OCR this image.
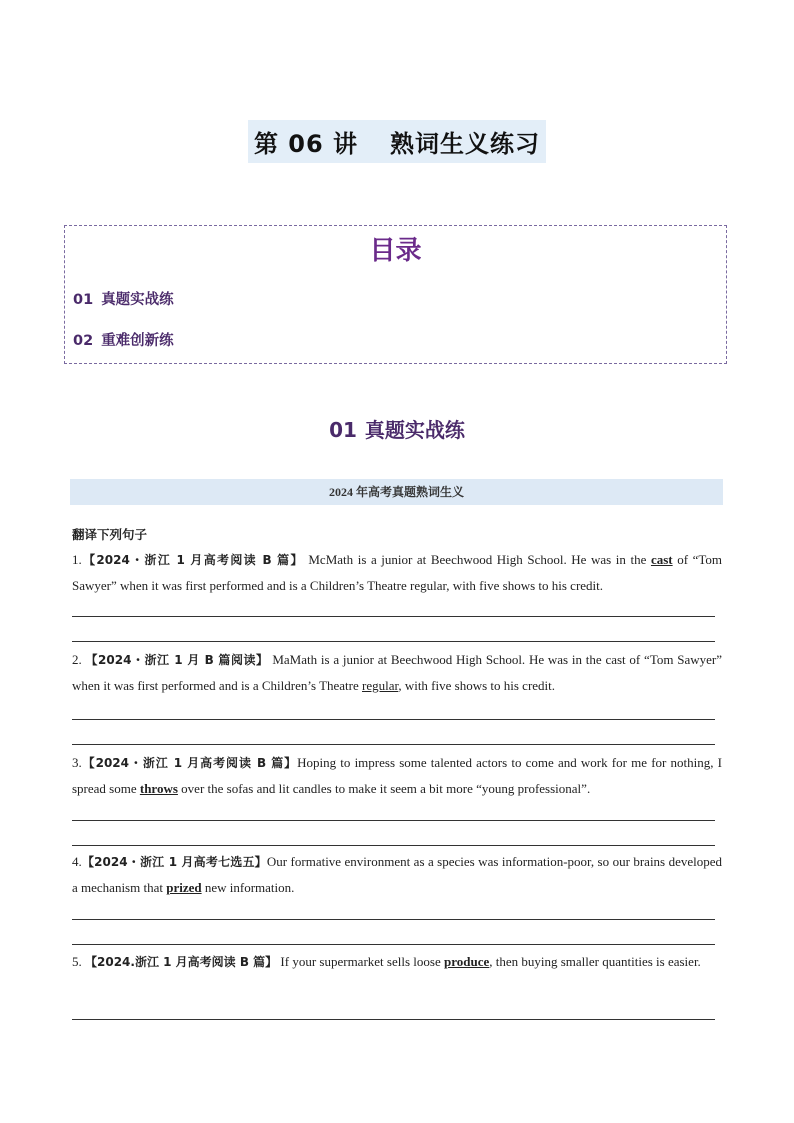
第 06 讲 熟词生义练习
目录
01 真题实战练
02 重难创新练
01 真题实战练
2024 年高考真题熟词生义
翻译下列句子
1.【2024・浙江 1 月高考阅读 B 篇】 McMath is a junior at Beechwood High School. He was in the cast of “Tom Sawyer” when it was first performed and is a Children’s Theatre regular, with five shows to his credit.
2. 【2024・浙江 1 月 B 篇阅读】 MaMath is a junior at Beechwood High School. He was in the cast of “Tom Sawyer” when it was first performed and is a Children’s Theatre regular, with five shows to his credit.
3.【2024・浙江 1 月高考阅读 B 篇】Hoping to impress some talented actors to come and work for me for nothing, I spread some throws over the sofas and lit candles to make it seem a bit more “young professional”.
4.【2024・浙江 1 月高考七选五】Our formative environment as a species was information-poor, so our brains developed a mechanism that prized new information.
5. 【2024.浙江 1 月高考阅读 B 篇】 If your supermarket sells loose produce, then buying smaller quantities is easier.
